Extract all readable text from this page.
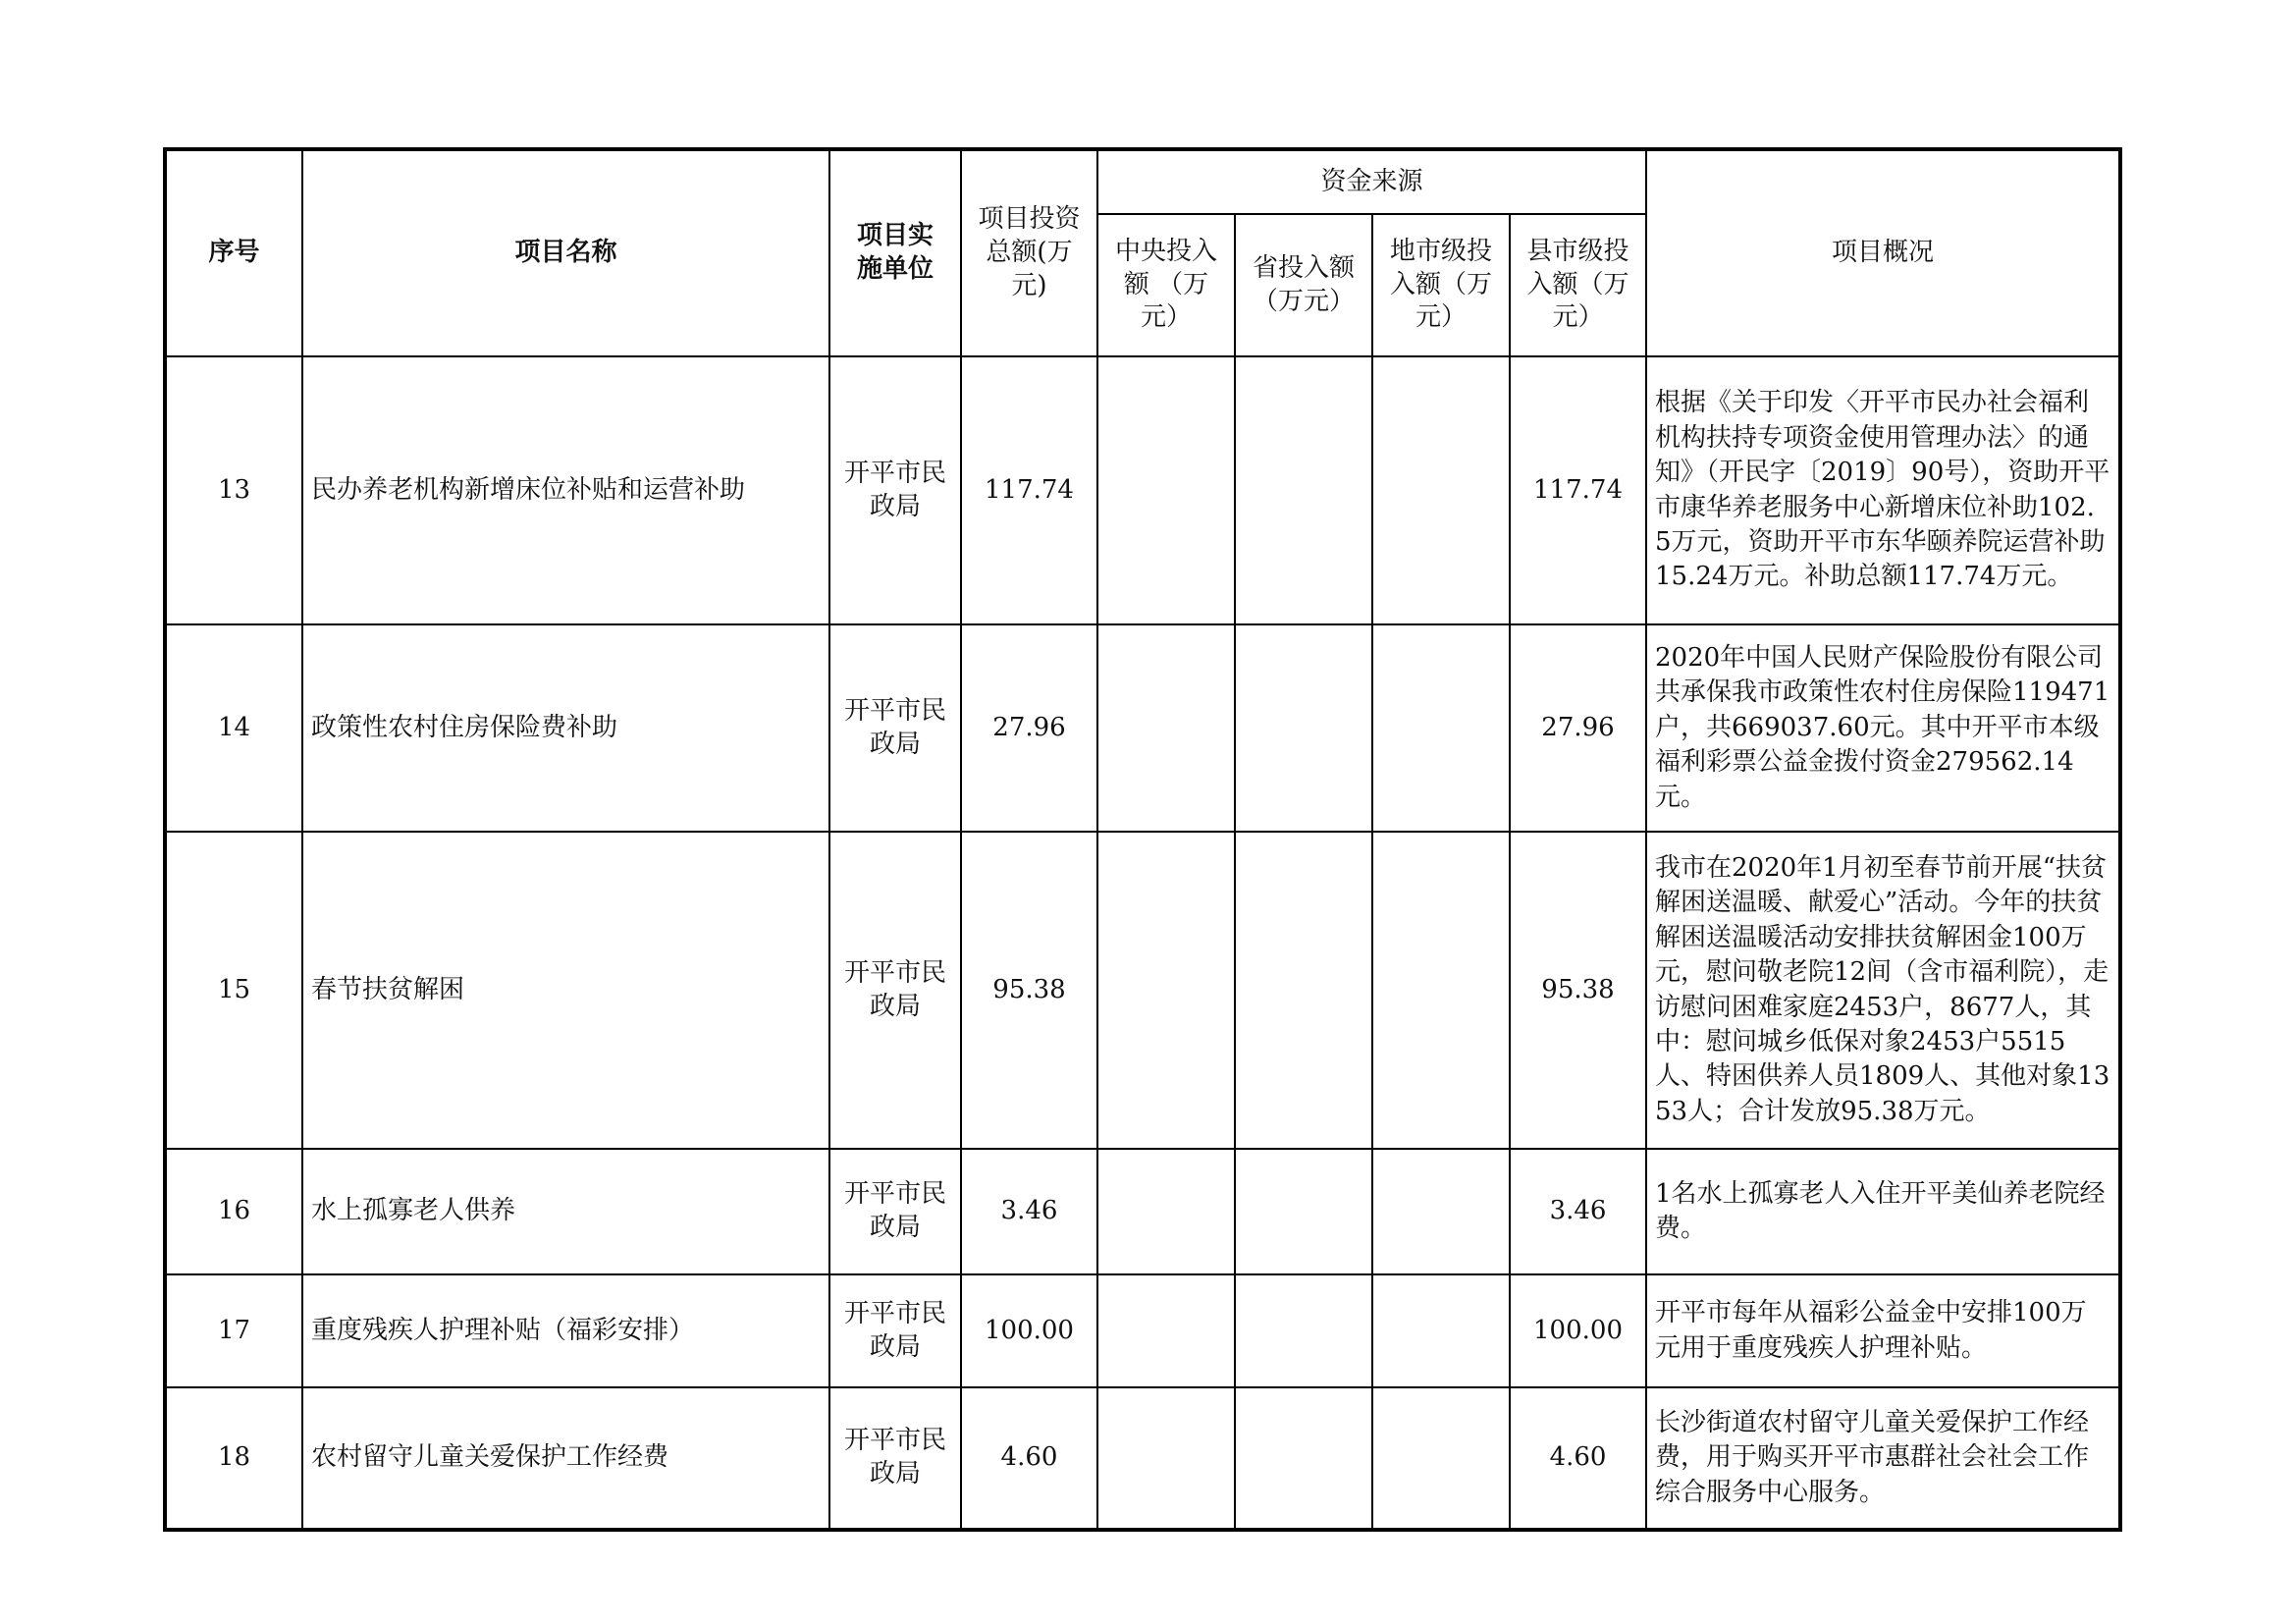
序号	项目名称	项目实施单位	项目投资总额(万元)	资金来源				项目概况
				中央投入额 （万元）	省投入额（万元）	地市级投入额（万元）	县市级投入额（万元）	
13	民办养老机构新增床位补贴和运营补助	开平市民政局	117.74				117.74	根据《关于印发〈开平市民办社会福利机构扶持专项资金使用管理办法〉的通知》（开民字〔2019〕90号），资助开平市康华养老服务中心新增床位补助102.5万元，资助开平市东华颐养院运营补助15.24万元。补助总额117.74万元。
14	政策性农村住房保险费补助	开平市民政局	27.96				27.96	2020年中国人民财产保险股份有限公司共承保我市政策性农村住房保险119471户，共669037.60元。其中开平市本级福利彩票公益金拨付资金279562.14元。
15	春节扶贫解困	开平市民政局	95.38				95.38	我市在2020年1月初至春节前开展“扶贫解困送温暖、献爱心”活动。今年的扶贫解困送温暖活动安排扶贫解困金100万元，慰问敬老院12间（含市福利院），走访慰问困难家庭2453户，8677人，其中：慰问城乡低保对象2453户5515人、特困供养人员1809人、其他对象1353人；合计发放95.38万元。
16	水上孤寡老人供养	开平市民政局	3.46				3.46	1名水上孤寡老人入住开平美仙养老院经费。
17	重度残疾人护理补贴（福彩安排）	开平市民政局	100.00				100.00	开平市每年从福彩公益金中安排100万元用于重度残疾人护理补贴。
18	农村留守儿童关爱保护工作经费	开平市民政局	4.60				4.60	长沙街道农村留守儿童关爱保护工作经费，用于购买开平市惠群社会社会工作综合服务中心服务。
